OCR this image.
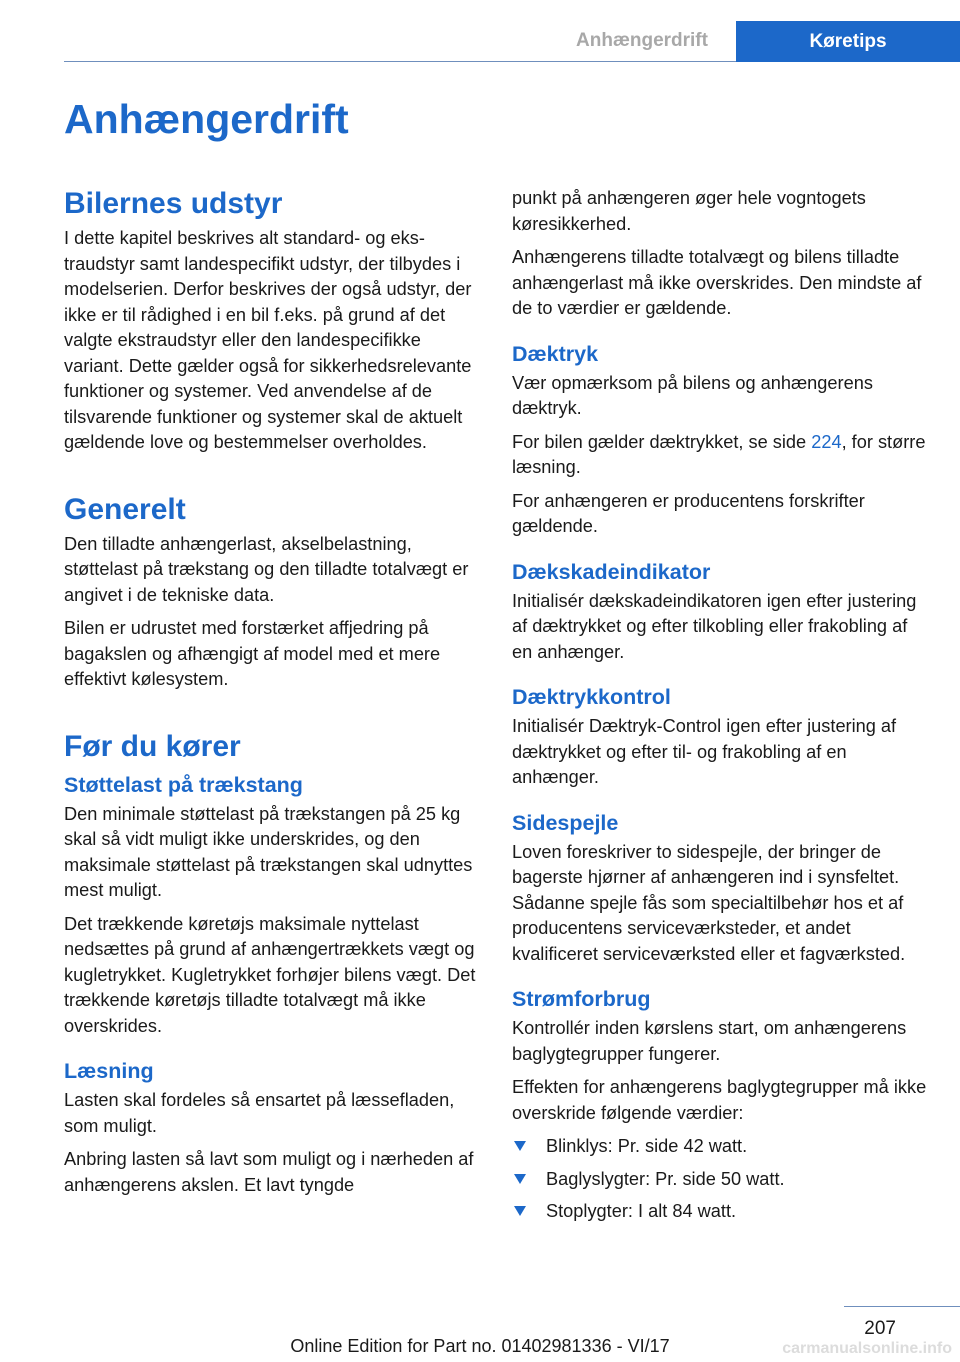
Anhængerdrift	Køretips
Anhængerdrift
Bilernes udstyr

I dette kapitel beskrives alt standard- og ekstraudstyr samt landespecifikt udstyr, der tilbydes i modelserien. Derfor beskrives der også udstyr, der ikke er til rådighed i en bil f.eks. på grund af det valgte ekstraudstyr eller den landespecifikke variant. Dette gælder også for sikkerhedsrelevante funktioner og systemer. Ved anvendelse af de tilsvarende funktioner og systemer skal de aktuelt gældende love og bestemmelser overholdes.

Generelt

Den tilladte anhængerlast, akselbelastning, støttelast på trækstang og den tilladte totalvægt er angivet i de tekniske data.

Bilen er udrustet med forstærket affjedring på bagakslen og afhængigt af model med et mere effektivt kølesystem.

Før du kører
Støttelast på trækstang

Den minimale støttelast på trækstangen på 25 kg skal så vidt muligt ikke underskrides, og den maksimale støttelast på trækstangen skal udnyttes mest muligt.

Det trækkende køretøjs maksimale nyttelast nedsættes på grund af anhængertrækkets vægt og kugletrykket. Kugletrykket forhøjer bilens vægt. Det trækkende køretøjs tilladte totalvægt må ikke overskrides.

Læsning

Lasten skal fordeles så ensartet på læssefladen, som muligt.

Anbring lasten så lavt som muligt og i nærheden af anhængerens akslen. Et lavt tyngde

punkt på anhængeren øger hele vogntogets køresikkerhed.

Anhængerens tilladte totalvægt og bilens tilladte anhængerlast må ikke overskrides. Den mindste af de to værdier er gældende.

Dæktryk

Vær opmærksom på bilens og anhængerens dæktryk.

For bilen gælder dæktrykket, se side 224, for større læsning.

For anhængeren er producentens forskrifter gældende.

Dækskadeindikator

Initialisér dækskadeindikatoren igen efter justering af dæktrykket og efter tilkobling eller frakobling af en anhænger.

Dæktrykkontrol

Initialisér Dæktryk-Control igen efter justering af dæktrykket og efter til- og frakobling af en anhænger.

Sidespejle

Loven foreskriver to sidespejle, der bringer de bagerste hjørner af anhængeren ind i synsfeltet. Sådanne spejle fås som specialtilbehør hos et af producentens serviceværksteder, et andet kvalificeret serviceværksted eller et fagværksted.

Strømforbrug

Kontrollér inden kørslens start, om anhængerens baglygtegrupper fungerer.

Effekten for anhængerens baglygtegrupper må ikke overskride følgende værdier:

Blinklys: Pr. side 42 watt.
Baglyslygter: Pr. side 50 watt.
Stoplygter: I alt 84 watt.
207
Online Edition for Part no. 01402981336 - VI/17	carmanualsonline.info
